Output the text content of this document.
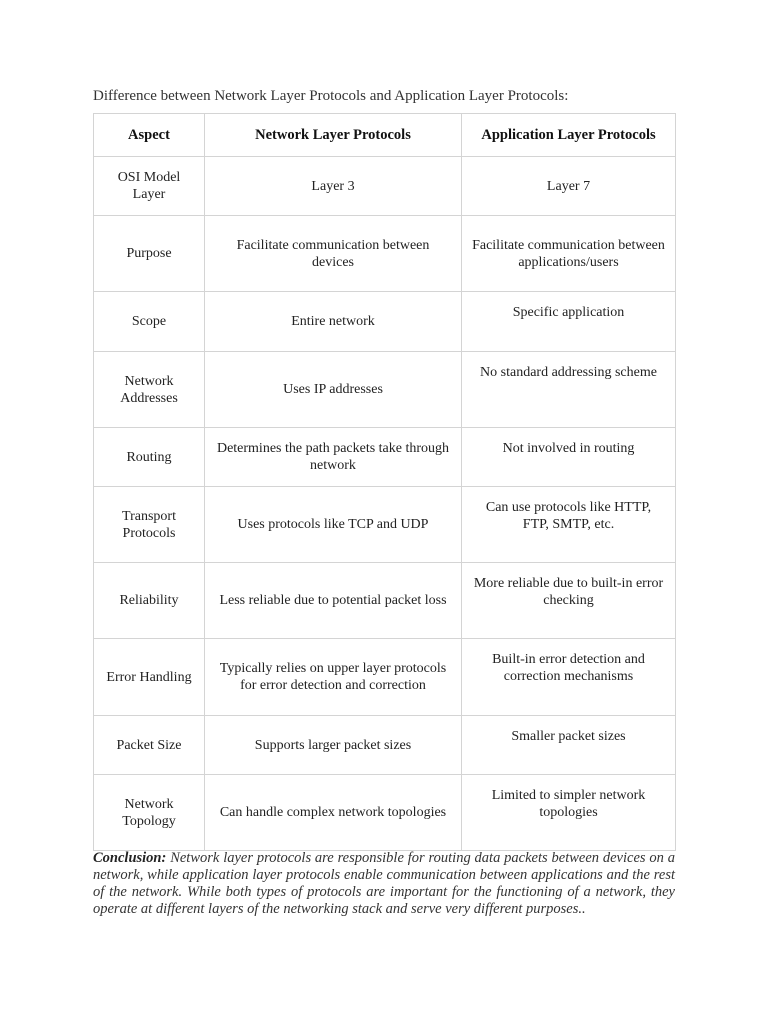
Difference between Network Layer Protocols and Application Layer Protocols:
Aspect	Network Layer Protocols	Application Layer Protocols
OSI Model Layer	Layer 3	Layer 7
Purpose	Facilitate communication between devices	Facilitate communication between applications/users
Scope	Entire network	Specific application
Network Addresses	Uses IP addresses	No standard addressing scheme
Routing	Determines the path packets take through network	Not involved in routing
Transport Protocols	Uses protocols like TCP and UDP	Can use protocols like HTTP, FTP, SMTP, etc.
Reliability	Less reliable due to potential packet loss	More reliable due to built-in error checking
Error Handling	Typically relies on upper layer protocols for error detection and correction	Built-in error detection and correction mechanisms
Packet Size	Supports larger packet sizes	Smaller packet sizes
Network Topology	Can handle complex network topologies	Limited to simpler network topologies

Conclusion: Network layer protocols are responsible for routing data packets between devices on a network, while application layer protocols enable communication between applications and the rest of the network. While both types of protocols are important for the functioning of a network, they operate at different layers of the networking stack and serve very different purposes..
